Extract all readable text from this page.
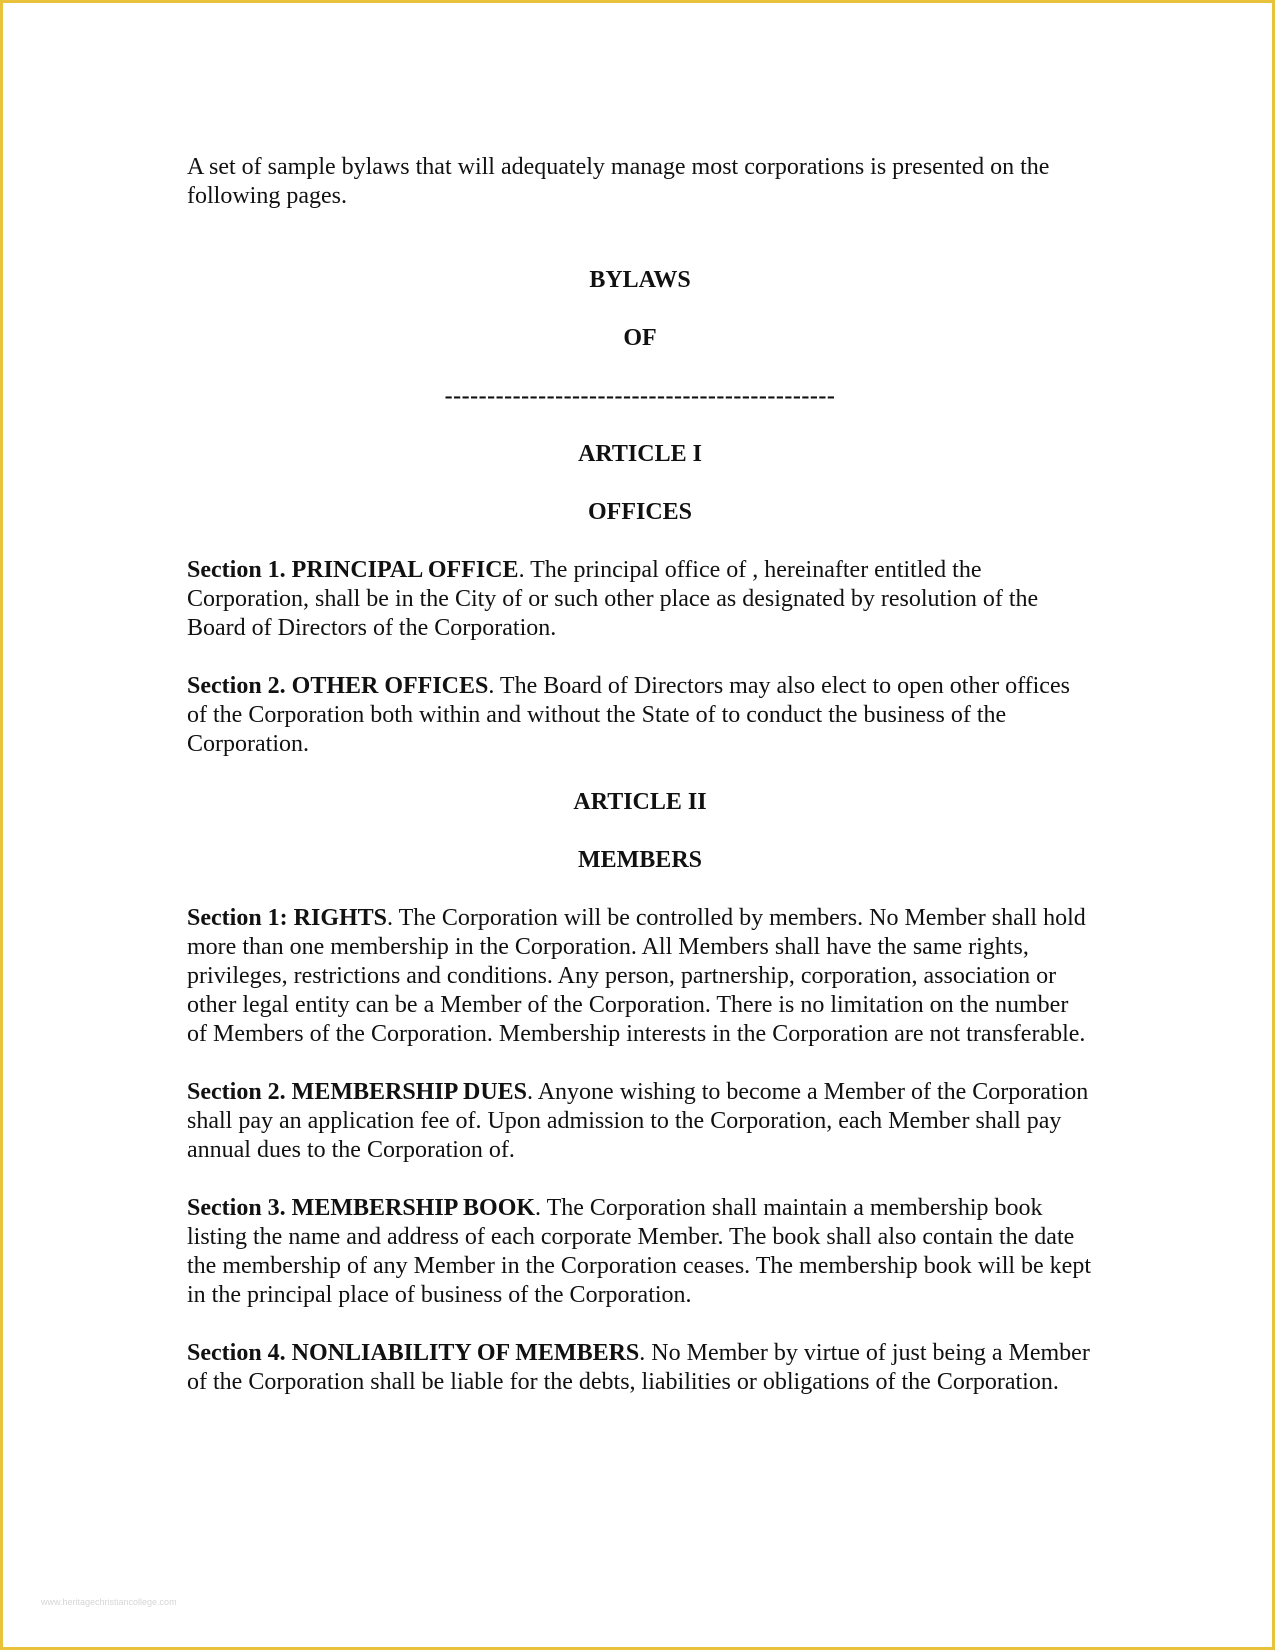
A set of sample bylaws that will adequately manage most corporations is presented on the following pages.

BYLAWS

OF

----------------------------------------------

ARTICLE I

OFFICES

Section 1. PRINCIPAL OFFICE. The principal office of , hereinafter entitled the Corporation, shall be in the City of or such other place as designated by resolution of the Board of Directors of the Corporation.

Section 2. OTHER OFFICES. The Board of Directors may also elect to open other offices of the Corporation both within and without the State of to conduct the business of the Corporation.

ARTICLE II

MEMBERS

Section 1: RIGHTS. The Corporation will be controlled by members. No Member shall hold more than one membership in the Corporation. All Members shall have the same rights, privileges, restrictions and conditions. Any person, partnership, corporation, association or other legal entity can be a Member of the Corporation. There is no limitation on the number of Members of the Corporation. Membership interests in the Corporation are not transferable.

Section 2. MEMBERSHIP DUES. Anyone wishing to become a Member of the Corporation shall pay an application fee of. Upon admission to the Corporation, each Member shall pay annual dues to the Corporation of.

Section 3. MEMBERSHIP BOOK. The Corporation shall maintain a membership book listing the name and address of each corporate Member. The book shall also contain the date the membership of any Member in the Corporation ceases. The membership book will be kept in the principal place of business of the Corporation.

Section 4. NONLIABILITY OF MEMBERS. No Member by virtue of just being a Member of the Corporation shall be liable for the debts, liabilities or obligations of the Corporation.

www.heritagechristiancollege.com
